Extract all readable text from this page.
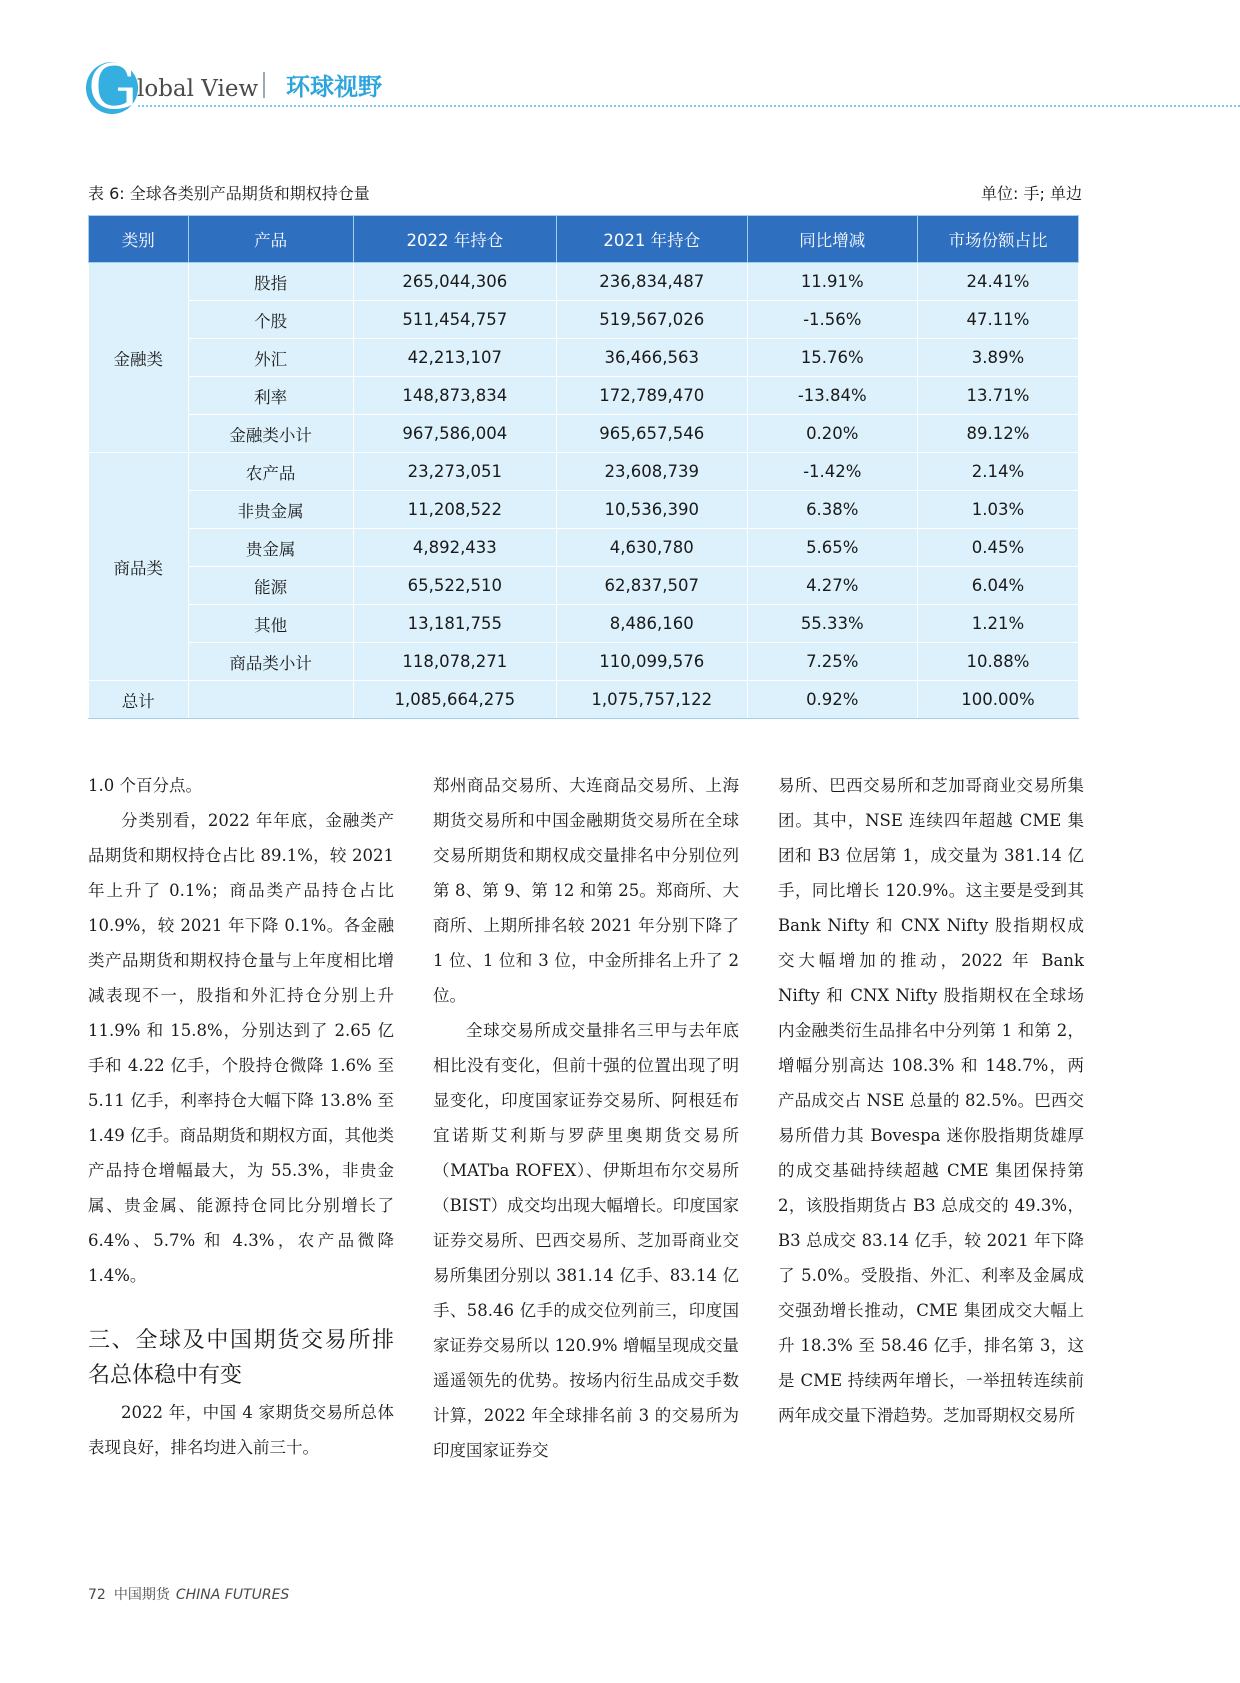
G lobal View 环球视野
表 6: 全球各类别产品期货和期权持仓量	单位: 手; 单边
类别	产品	2022 年持仓	2021 年持仓	同比增减	市场份额占比
金融类	股指	265,044,306	236,834,487	11.91%	24.41%
	个股	511,454,757	519,567,026	-1.56%	47.11%
	外汇	42,213,107	36,466,563	15.76%	3.89%
	利率	148,873,834	172,789,470	-13.84%	13.71%
	金融类小计	967,586,004	965,657,546	0.20%	89.12%
商品类	农产品	23,273,051	23,608,739	-1.42%	2.14%
	非贵金属	11,208,522	10,536,390	6.38%	1.03%
	贵金属	4,892,433	4,630,780	5.65%	0.45%
	能源	65,522,510	62,837,507	4.27%	6.04%
	其他	13,181,755	8,486,160	55.33%	1.21%
	商品类小计	118,078,271	110,099,576	7.25%	10.88%
总计		1,085,664,275	1,075,757,122	0.92%	100.00%

1.0 个百分点。

分类别看，2022 年年底，金融类产品期货和期权持仓占比 89.1%，较 2021 年上升了 0.1%；商品类产品持仓占比 10.9%，较 2021 年下降 0.1%。各金融类产品期货和期权持仓量与上年度相比增减表现不一，股指和外汇持仓分别上升 11.9% 和 15.8%，分别达到了 2.65 亿手和 4.22 亿手，个股持仓微降 1.6% 至 5.11 亿手，利率持仓大幅下降 13.8% 至 1.49 亿手。商品期货和期权方面，其他类产品持仓增幅最大，为 55.3%，非贵金属、贵金属、能源持仓同比分别增长了 6.4%、5.7% 和 4.3%，农产品微降 1.4%。

三、全球及中国期货交易所排名总体稳中有变

2022 年，中国 4 家期货交易所总体表现良好，排名均进入前三十。

郑州商品交易所、大连商品交易所、上海期货交易所和中国金融期货交易所在全球交易所期货和期权成交量排名中分别位列第 8、第 9、第 12 和第 25。郑商所、大商所、上期所排名较 2021 年分别下降了 1 位、1 位和 3 位，中金所排名上升了 2 位。

全球交易所成交量排名三甲与去年底相比没有变化，但前十强的位置出现了明显变化，印度国家证券交易所、阿根廷布宜诺斯艾利斯与罗萨里奥期货交易所（MATba ROFEX）、伊斯坦布尔交易所（BIST）成交均出现大幅增长。印度国家证券交易所、巴西交易所、芝加哥商业交易所集团分别以 381.14 亿手、83.14 亿手、58.46 亿手的成交位列前三，印度国家证券交易所以 120.9% 增幅呈现成交量遥遥领先的优势。按场内衍生品成交手数计算，2022 年全球排名前 3 的交易所为印度国家证券交

易所、巴西交易所和芝加哥商业交易所集团。其中，NSE 连续四年超越 CME 集团和 B3 位居第 1，成交量为 381.14 亿手，同比增长 120.9%。这主要是受到其 Bank Nifty 和 CNX Nifty 股指期权成交大幅增加的推动，2022 年 Bank Nifty 和 CNX Nifty 股指期权在全球场内金融类衍生品排名中分列第 1 和第 2，增幅分别高达 108.3% 和 148.7%，两产品成交占 NSE 总量的 82.5%。巴西交易所借力其 Bovespa 迷你股指期货雄厚的成交基础持续超越 CME 集团保持第 2，该股指期货占 B3 总成交的 49.3%，B3 总成交 83.14 亿手，较 2021 年下降了 5.0%。受股指、外汇、利率及金属成交强劲增长推动，CME 集团成交大幅上升 18.3% 至 58.46 亿手，排名第 3，这是 CME 持续两年增长，一举扭转连续前两年成交量下滑趋势。芝加哥期权交易所

72 中国期货 CHINA FUTURES
